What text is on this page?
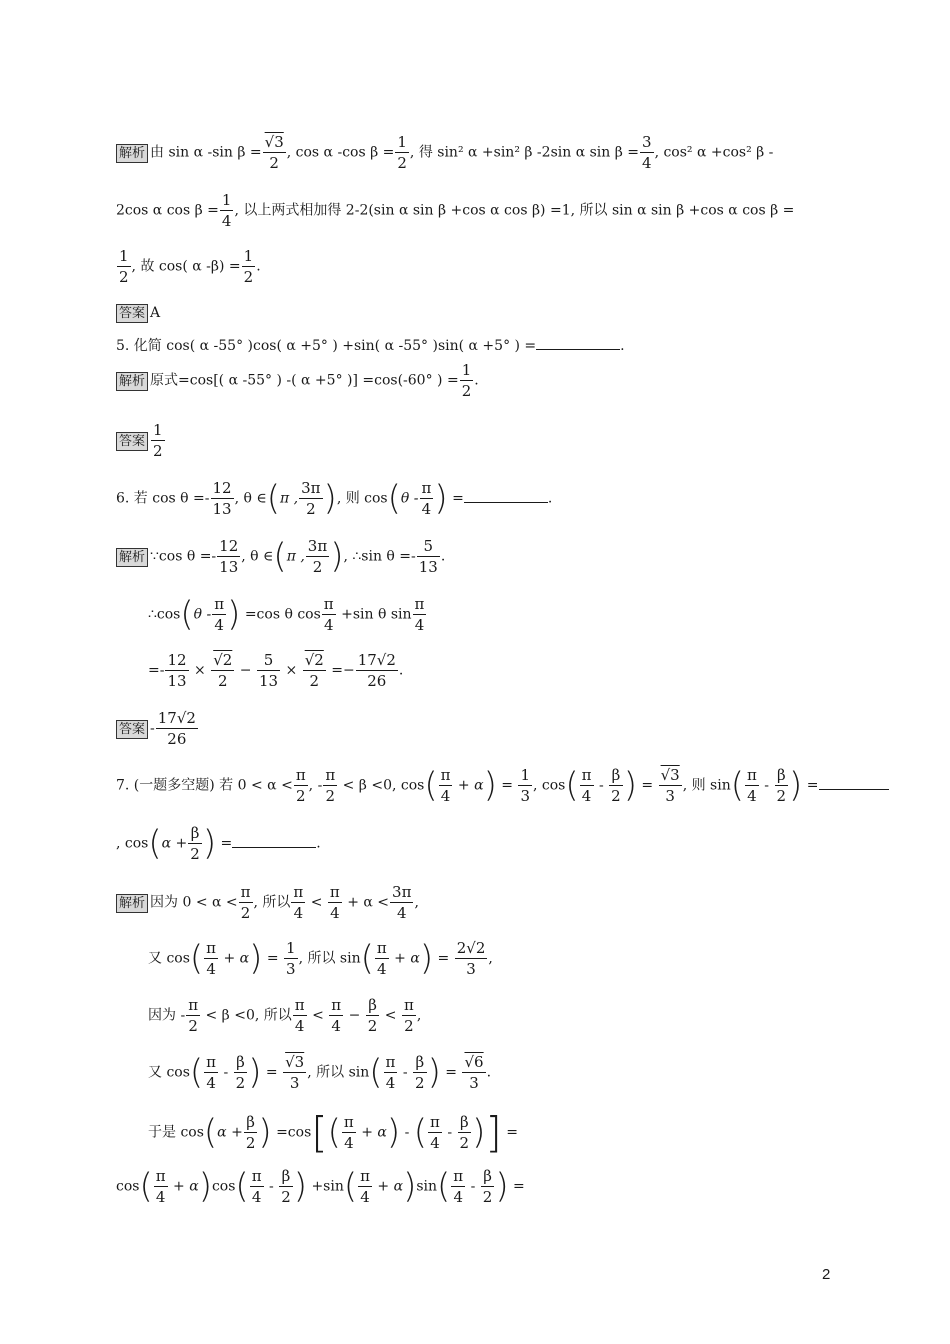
解析 由 sin α -sin $\beta = \frac{√3}{2}$ , cos α -cos $\beta = \frac{1}{2}$ , 得 sin² α +sin² β -2sin α $\sin \beta = \frac{3}{4}$ , cos² α +cos² β -
2cos α $\cos \beta = \frac{1}{4}$ , 以上两式相加得 2-2(sin α sin β +cos α cos β) =1, 所以 sin α sin β +cos α cos β =
$\frac{1}{2}$ , 故 cos( α $-\beta) = \frac{1}{2}$ .
答案 A
5. 化简 cos( α -55° )cos( α +5° ) +sin( α -55° )sin( α +5° ) =	.
解析 原式=cos[( α -55° ) -( α +5° )] =cos(-60° ) = $\frac{1}{2}$ .
答案 $\frac{1}{2}$
6. 若 $\cos \theta =- \frac{12}{13}$ , θ ∈(π , $\frac{3\pi}{2}$ ), 则 $\cos(\theta - \frac{\pi}{4}$ ) =	.
解析 ∵cos $\theta =- \frac{12}{13}$ , θ ∈(π , $\frac{3\pi}{2}$ ), ∴sin $\theta =- \frac{5}{13}$ .
∴cos(θ - $\frac{\pi}{4}$ ) =cos θ $\cos \frac{\pi}{4} +\sin$ θ $\sin \frac{\pi}{4}$
=- $\frac{12}{13} \times \frac{√2}{2} - \frac{5}{13} \times \frac{√2}{2} =- \frac{17√2}{26}$ .
答案 - $\frac{17√2}{26}$
7. (一题多空题) 若 $0 < \alpha < \frac{\pi}{2}$ , - $\frac{\pi}{2} < \beta <0$, $\cos( \frac{\pi}{4} + \alpha) = \frac{1}{3}$ , $\cos( \frac{\pi}{4} - \frac{\beta}{2}$ ) = $\frac{√3}{3}$ , 则 $\sin( \frac{\pi}{4} - \frac{\beta}{2}$ ) =
, $\cos(\alpha + \frac{\beta}{2}$ ) =	.
解析 因为 $0 < \alpha < \frac{\pi}{2}$ , 所以 $\frac{\pi}{4} < \frac{\pi}{4} + \alpha < \frac{3\pi}{4}$ ,
又 $\cos( \frac{\pi}{4} + \alpha) = \frac{1}{3}$ , 所以 $\sin( \frac{\pi}{4} + \alpha) = \frac{2√2}{3}$ ,
因为 - $\frac{\pi}{2} < \beta <0$, 所以 $\frac{\pi}{4} < \frac{\pi}{4} - \frac{\beta}{2} < \frac{\pi}{2}$ ,
又 $\cos( \frac{\pi}{4} - \frac{\beta}{2}$ ) = $\frac{√3}{3}$ , 所以 $\sin( \frac{\pi}{4} - \frac{\beta}{2}$ ) = $\frac{√6}{3}$ .
于是 $\cos(\alpha + \frac{\beta}{2}$ ) $=\cos[( \frac{\pi}{4} + \alpha)$ - ( $\frac{\pi}{4} - \frac{\beta}{2}$ )] =
$\cos( \frac{\pi}{4} + \alpha)\cos( \frac{\pi}{4} - \frac{\beta}{2}$ ) $+\sin( \frac{\pi}{4} + \alpha)\sin( \frac{\pi}{4} - \frac{\beta}{2}$ ) =
2
